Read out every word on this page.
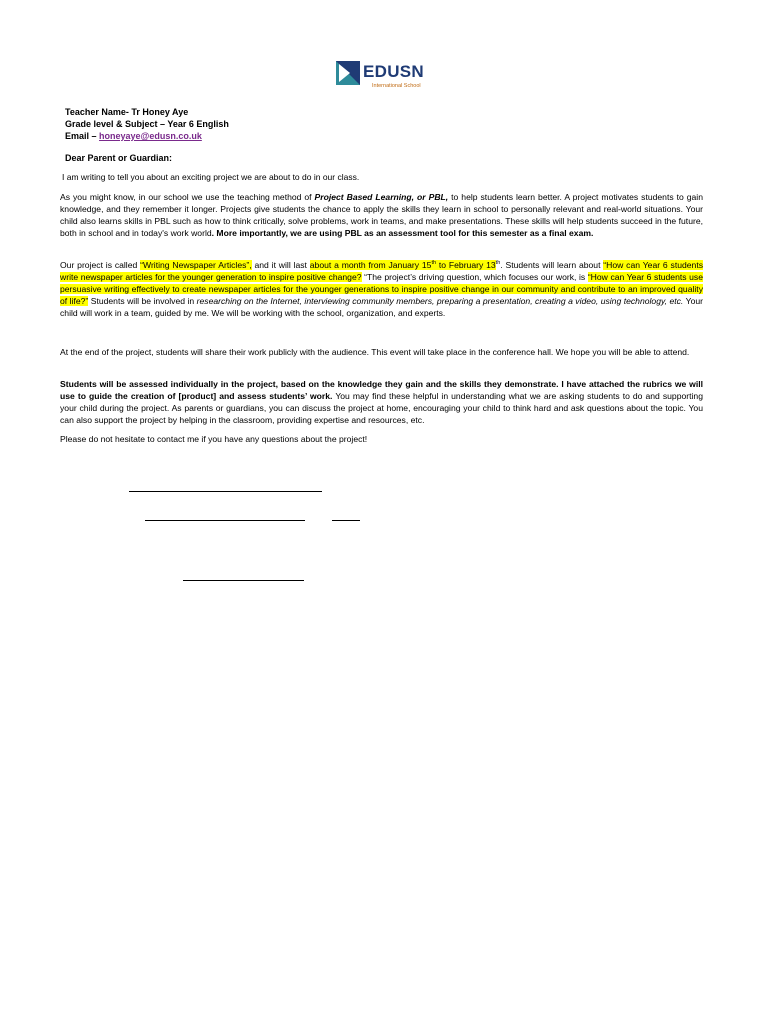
EDUSN
International School
Teacher Name- Tr Honey Aye
Grade level & Subject – Year 6 English
Email – honeyaye@edusn.co.uk
Dear Parent or Guardian:
I am writing to tell you about an exciting project we are about to do in our class.
As you might know, in our school we use the teaching method of Project Based Learning, or PBL, to help students learn better. A project motivates students to gain knowledge, and they remember it longer. Projects give students the chance to apply the skills they learn in school to personally relevant and real-world situations. Your child also learns skills in PBL such as how to think critically, solve problems, work in teams, and make presentations. These skills will help students succeed in the future, both in school and in today's work world. More importantly, we are using PBL as an assessment tool for this semester as a final exam.
Our project is called “Writing Newspaper Articles”, and it will last about a month from January 15th to February 13th. Students will learn about “How can Year 6 students write newspaper articles for the younger generation to inspire positive change? “The project’s driving question, which focuses our work, is “How can Year 6 students use persuasive writing effectively to create newspaper articles for the younger generations to inspire positive change in our community and contribute to an improved quality of life?” Students will be involved in researching on the Internet, interviewing community members, preparing a presentation, creating a video, using technology, etc. Your child will work in a team, guided by me. We will be working with the school, organization, and experts.
At the end of the project, students will share their work publicly with the audience. This event will take place in the conference hall. We hope you will be able to attend.
Students will be assessed individually in the project, based on the knowledge they gain and the skills they demonstrate. I have attached the rubrics we will use to guide the creation of [product] and assess students’ work. You may find these helpful in understanding what we are asking students to do and supporting your child during the project. As parents or guardians, you can discuss the project at home, encouraging your child to think hard and ask questions about the topic. You can also support the project by helping in the classroom, providing expertise and resources, etc.
Please do not hesitate to contact me if you have any questions about the project!
